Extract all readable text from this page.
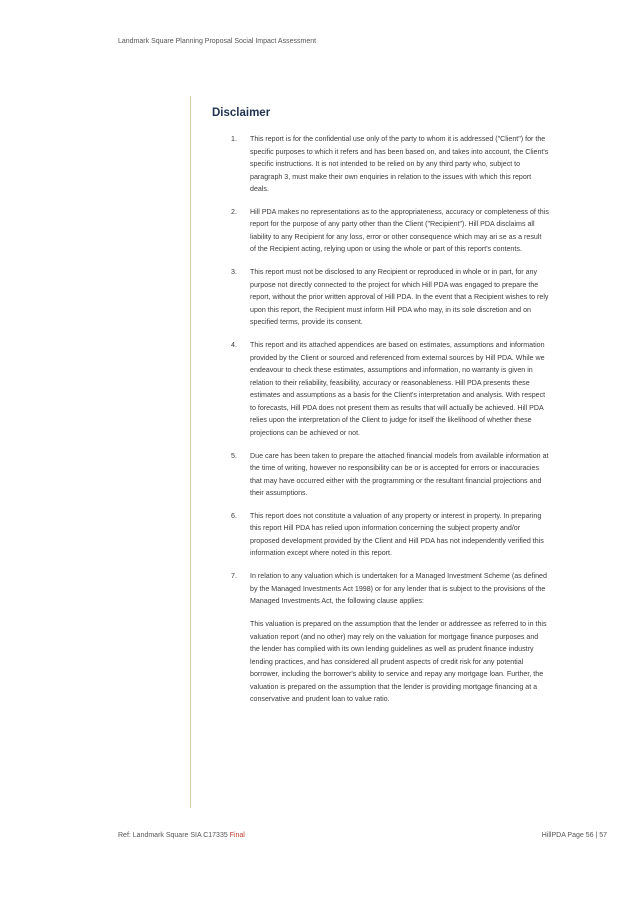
Landmark Square Planning Proposal Social Impact Assessment
Disclaimer
1.	This report is for the confidential use only of the party to whom it is addressed ("Client") for the specific purposes to which it refers and has been based on, and takes into account, the Client's specific instructions. It is not intended to be relied on by any third party who, subject to paragraph 3, must make their own enquiries in relation to the issues with which this report deals.

2.	Hill PDA makes no representations as to the appropriateness, accuracy or completeness of this report for the purpose of any party other than the Client ("Recipient"). Hill PDA disclaims all liability to any Recipient for any loss, error or other consequence which may ari se as a result of the Recipient acting, relying upon or using the whole or part of this report's contents.

3.	This report must not be disclosed to any Recipient or reproduced in whole or in part, for any purpose not directly connected to the project for which Hill PDA was engaged to prepare the report, without the prior written approval of Hill PDA. In the event that a Recipient wishes to rely upon this report, the Recipient must inform Hill PDA who may, in its sole discretion and on specified terms, provide its consent.

4.	This report and its attached appendices are based on estimates, assumptions and information provided by the Client or sourced and referenced from external sources by Hill PDA. While we endeavour to check these estimates, assumptions and information, no warranty is given in relation to their reliability, feasibility, accuracy or reasonableness. Hill PDA presents these estimates and assumptions as a basis for the Client's interpretation and analysis. With respect to forecasts, Hill PDA does not present them as results that will actually be achieved. Hill PDA relies upon the interpretation of the Client to judge for itself the likelihood of whether these projections can be achieved or not.

5.	Due care has been taken to prepare the attached financial models from available information at the time of writing, however no responsibility can be or is accepted for errors or inaccuracies that may have occurred either with the programming or the resultant financial projections and their assumptions.

6.	This report does not constitute a valuation of any property or interest in property. In preparing this report Hill PDA has relied upon information concerning the subject property and/or proposed development provided by the Client and Hill PDA has not independently verified this information except where noted in this report.

7.	In relation to any valuation which is undertaken for a Managed Investment Scheme (as defined by the Managed Investments Act 1998) or for any lender that is subject to the provisions of the Managed Investments Act, the following clause applies:

This valuation is prepared on the assumption that the lender or addressee as referred to in this valuation report (and no other) may rely on the valuation for mortgage finance purposes and the lender has complied with its own lending guidelines as well as prudent finance industry lending practices, and has considered all prudent aspects of credit risk for any potential borrower, including the borrower's ability to service and repay any mortgage loan. Further, the valuation is prepared on the assumption that the lender is providing mortgage financing at a conservative and prudent loan to value ratio.

Ref: Landmark Square SIA C17335 Final	HillPDA Page 56 | 57
